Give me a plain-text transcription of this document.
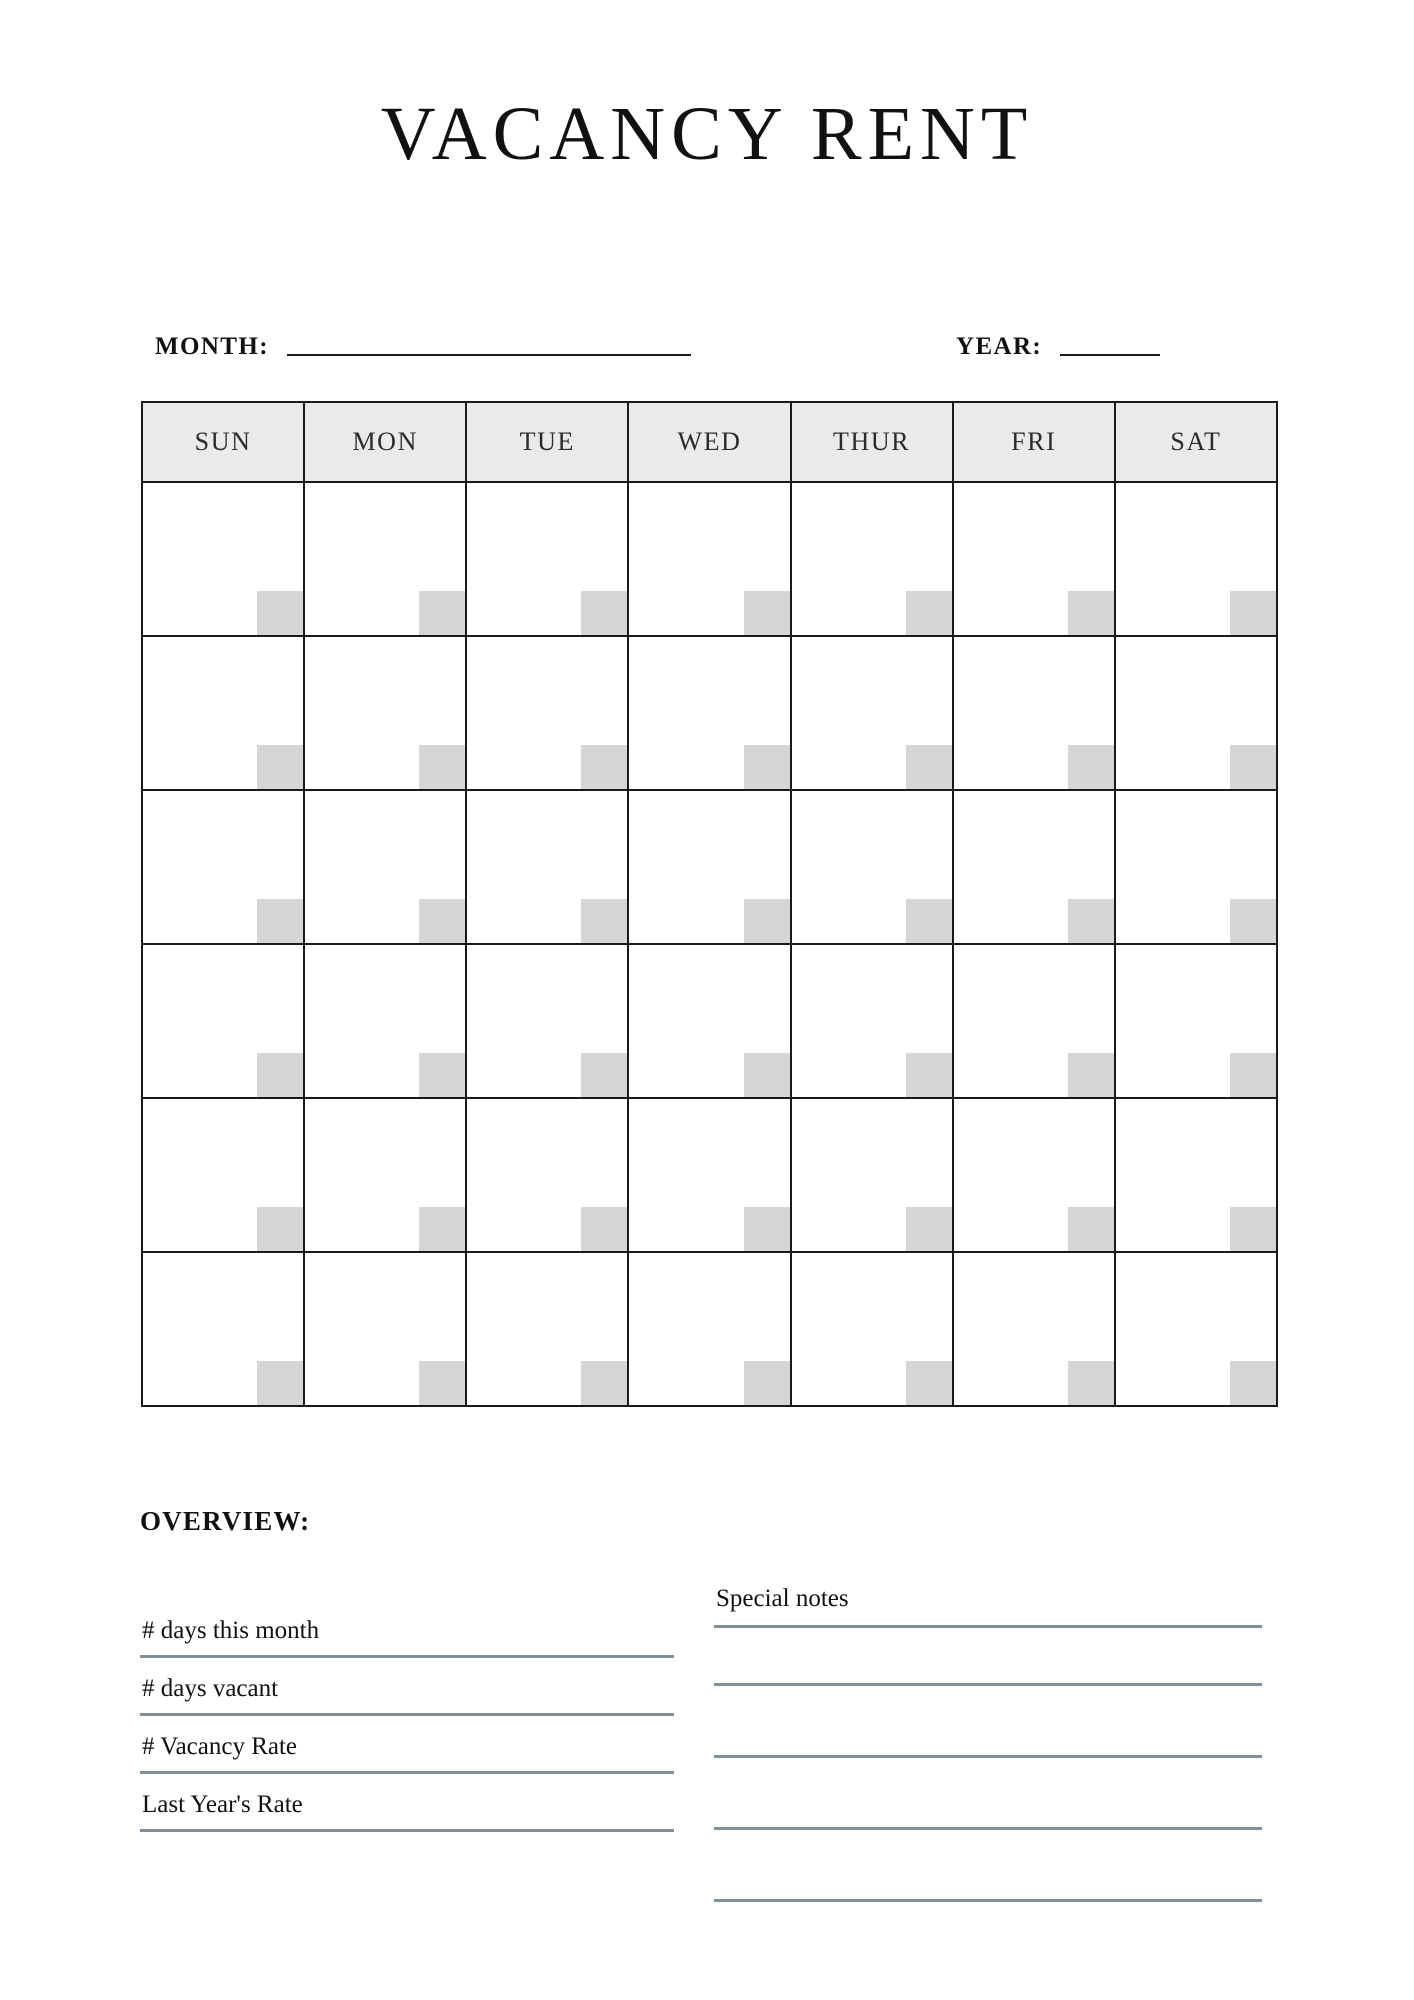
VACANCY RENT
MONTH:	YEAR:
SUN	MON	TUE	WED	THUR	FRI	SAT
OVERVIEW:
# days this month
# days vacant
# Vacancy Rate
Last Year's Rate
Special notes
